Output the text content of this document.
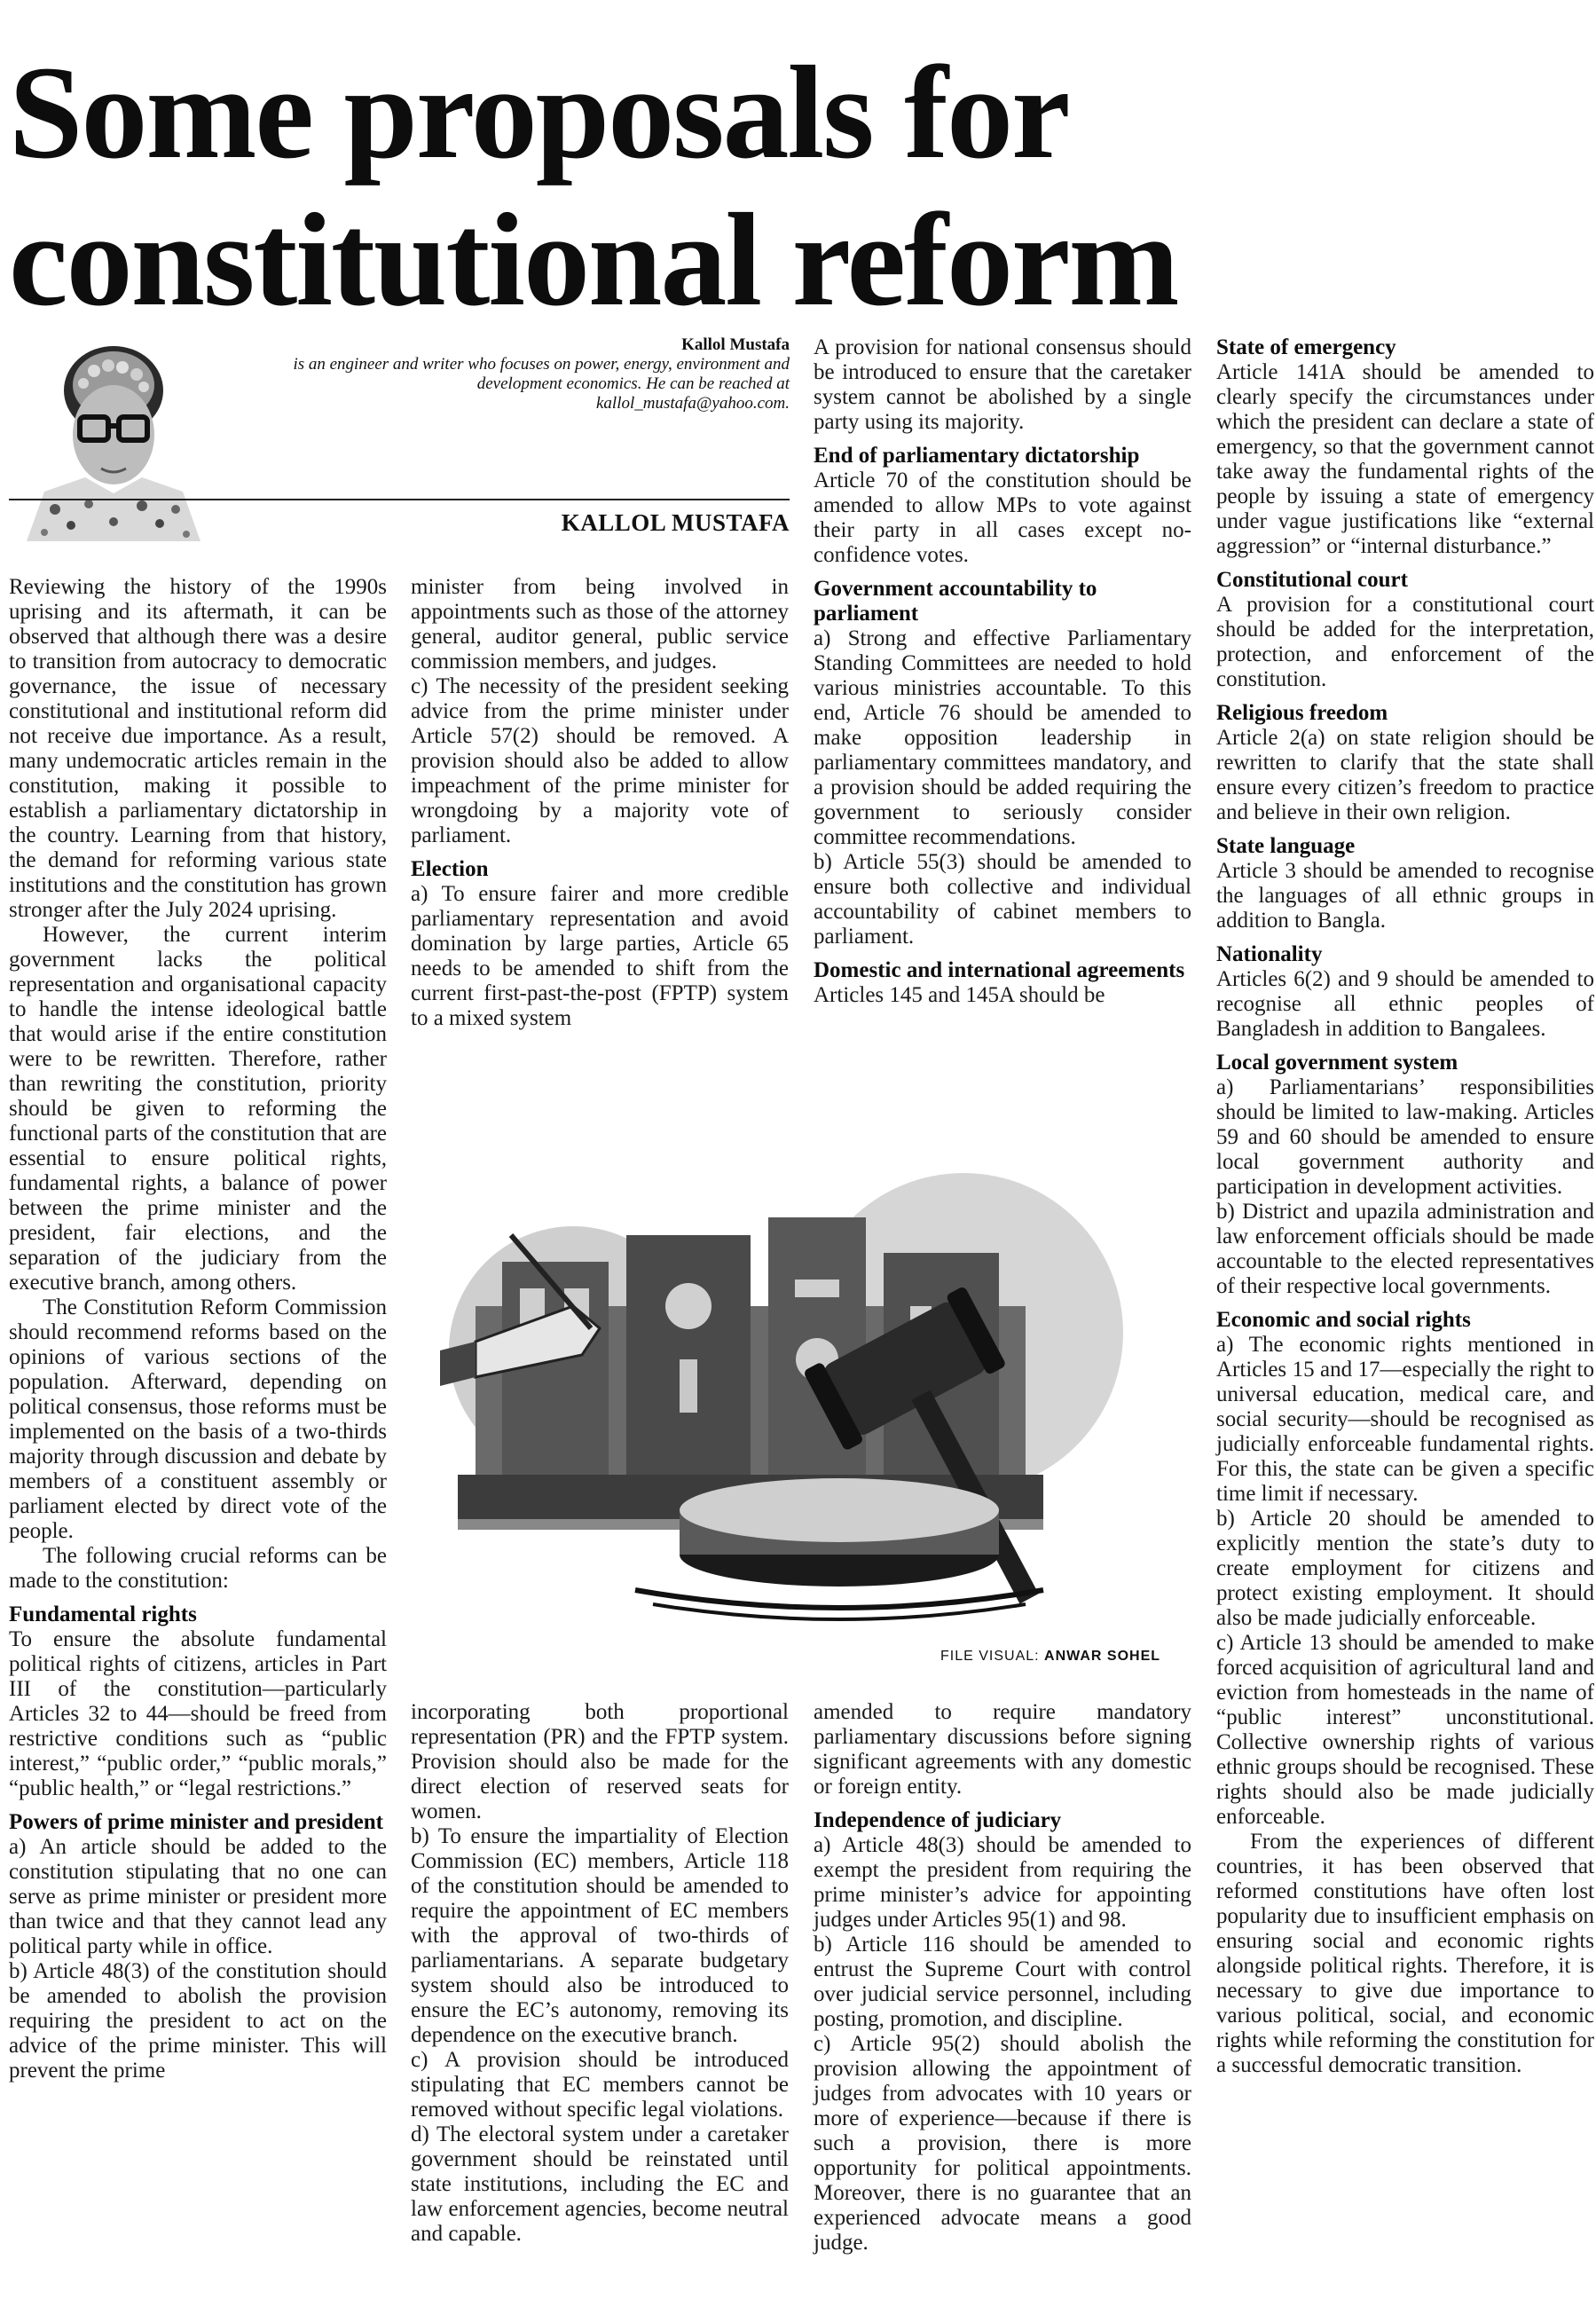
Some proposals for constitutional reform
Kallol Mustafa
is an engineer and writer who focuses on power, energy, environment and development economics. He can be reached at kallol_mustafa@yahoo.com.
KALLOL MUSTAFA

Reviewing the history of the 1990s uprising and its aftermath, it can be observed that although there was a desire to transition from autocracy to democratic governance, the issue of necessary constitutional and institutional reform did not receive due importance. As a result, many undemocratic articles remain in the constitution, making it possible to establish a parliamentary dictatorship in the country. Learning from that history, the demand for reforming various state institutions and the constitution has grown stronger after the July 2024 uprising.

However, the current interim government lacks the political representation and organisational capacity to handle the intense ideological battle that would arise if the entire constitution were to be rewritten. Therefore, rather than rewriting the constitution, priority should be given to reforming the functional parts of the constitution that are essential to ensure political rights, fundamental rights, a balance of power between the prime minister and the president, fair elections, and the separation of the judiciary from the executive branch, among others.

The Constitution Reform Commission should recommend reforms based on the opinions of various sections of the population. Afterward, depending on political consensus, those reforms must be implemented on the basis of a two-thirds majority through discussion and debate by members of a constituent assembly or parliament elected by direct vote of the people.

The following crucial reforms can be made to the constitution:

Fundamental rights

To ensure the absolute fundamental political rights of citizens, articles in Part III of the constitution—particularly Articles 32 to 44—should be freed from restrictive conditions such as “public interest,” “public order,” “public morals,” “public health,” or “legal restrictions.”

Powers of prime minister and president

a) An article should be added to the constitution stipulating that no one can serve as prime minister or president more than twice and that they cannot lead any political party while in office.

b) Article 48(3) of the constitution should be amended to abolish the provision requiring the president to act on the advice of the prime minister. This will prevent the prime

minister from being involved in appointments such as those of the attorney general, auditor general, public service commission members, and judges.

c) The necessity of the president seeking advice from the prime minister under Article 57(2) should be removed. A provision should also be added to allow impeachment of the prime minister for wrongdoing by a majority vote of parliament.

Election

a) To ensure fairer and more credible parliamentary representation and avoid domination by large parties, Article 65 needs to be amended to shift from the current first-past-the-post (FPTP) system to a mixed system

A provision for national consensus should be introduced to ensure that the caretaker system cannot be abolished by a single party using its majority.

End of parliamentary dictatorship

Article 70 of the constitution should be amended to allow MPs to vote against their party in all cases except no-confidence votes.

Government accountability to parliament

a) Strong and effective Parliamentary Standing Committees are needed to hold various ministries accountable. To this end, Article 76 should be amended to make opposition leadership in parliamentary committees mandatory, and a provision should be added requiring the government to seriously consider committee recommendations.

b) Article 55(3) should be amended to ensure both collective and individual accountability of cabinet members to parliament.

Domestic and international agreements

Articles 145 and 145A should be

FILE VISUAL: ANWAR SOHEL

incorporating both proportional representation (PR) and the FPTP system. Provision should also be made for the direct election of reserved seats for women.

b) To ensure the impartiality of Election Commission (EC) members, Article 118 of the constitution should be amended to require the appointment of EC members with the approval of two-thirds of parliamentarians. A separate budgetary system should also be introduced to ensure the EC’s autonomy, removing its dependence on the executive branch.

c) A provision should be introduced stipulating that EC members cannot be removed without specific legal violations.

d) The electoral system under a caretaker government should be reinstated until state institutions, including the EC and law enforcement agencies, become neutral and capable.

amended to require mandatory parliamentary discussions before signing significant agreements with any domestic or foreign entity.

Independence of judiciary

a) Article 48(3) should be amended to exempt the president from requiring the prime minister’s advice for appointing judges under Articles 95(1) and 98.

b) Article 116 should be amended to entrust the Supreme Court with control over judicial service personnel, including posting, promotion, and discipline.

c) Article 95(2) should abolish the provision allowing the appointment of judges from advocates with 10 years or more of experience—because if there is such a provision, there is more opportunity for political appointments. Moreover, there is no guarantee that an experienced advocate means a good judge.

State of emergency

Article 141A should be amended to clearly specify the circumstances under which the president can declare a state of emergency, so that the government cannot take away the fundamental rights of the people by issuing a state of emergency under vague justifications like “external aggression” or “internal disturbance.”

Constitutional court

A provision for a constitutional court should be added for the interpretation, protection, and enforcement of the constitution.

Religious freedom

Article 2(a) on state religion should be rewritten to clarify that the state shall ensure every citizen’s freedom to practice and believe in their own religion.

State language

Article 3 should be amended to recognise the languages of all ethnic groups in addition to Bangla.

Nationality

Articles 6(2) and 9 should be amended to recognise all ethnic peoples of Bangladesh in addition to Bangalees.

Local government system

a) Parliamentarians’ responsibilities should be limited to law-making. Articles 59 and 60 should be amended to ensure local government authority and participation in development activities.

b) District and upazila administration and law enforcement officials should be made accountable to the elected representatives of their respective local governments.

Economic and social rights

a) The economic rights mentioned in Articles 15 and 17—especially the right to universal education, medical care, and social security—should be recognised as judicially enforceable fundamental rights. For this, the state can be given a specific time limit if necessary.

b) Article 20 should be amended to explicitly mention the state’s duty to create employment for citizens and protect existing employment. It should also be made judicially enforceable.

c) Article 13 should be amended to make forced acquisition of agricultural land and eviction from homesteads in the name of “public interest” unconstitutional. Collective ownership rights of various ethnic groups should be recognised. These rights should also be made judicially enforceable.

From the experiences of different countries, it has been observed that reformed constitutions have often lost popularity due to insufficient emphasis on ensuring social and economic rights alongside political rights. Therefore, it is necessary to give due importance to various political, social, and economic rights while reforming the constitution for a successful democratic transition.
